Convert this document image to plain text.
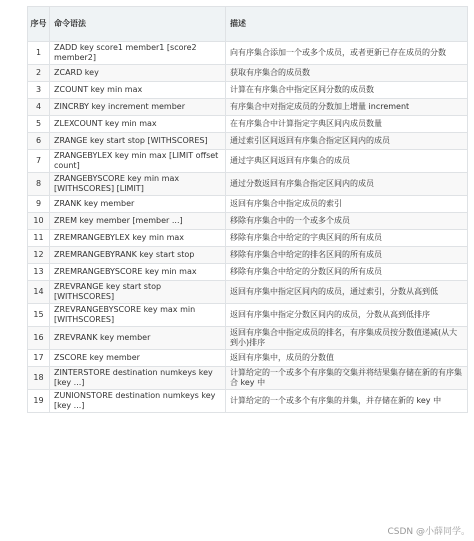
序号	命令语法	描述
1	ZADD key score1 member1 [score2 member2]	向有序集合添加一个或多个成员，或者更新已存在成员的分数
2	ZCARD key	获取有序集合的成员数
3	ZCOUNT key min max	计算在有序集合中指定区间分数的成员数
4	ZINCRBY key increment member	有序集合中对指定成员的分数加上增量 increment
5	ZLEXCOUNT key min max	在有序集合中计算指定字典区间内成员数量
6	ZRANGE key start stop [WITHSCORES]	通过索引区间返回有序集合指定区间内的成员
7	ZRANGEBYLEX key min max [LIMIT offset count]	通过字典区间返回有序集合的成员
8	ZRANGEBYSCORE key min max [WITHSCORES] [LIMIT]	通过分数返回有序集合指定区间内的成员
9	ZRANK key member	返回有序集合中指定成员的索引
10	ZREM key member [member ...]	移除有序集合中的一个或多个成员
11	ZREMRANGEBYLEX key min max	移除有序集合中给定的字典区间的所有成员
12	ZREMRANGEBYRANK key start stop	移除有序集合中给定的排名区间的所有成员
13	ZREMRANGEBYSCORE key min max	移除有序集合中给定的分数区间的所有成员
14	ZREVRANGE key start stop [WITHSCORES]	返回有序集中指定区间内的成员，通过索引，分数从高到低
15	ZREVRANGEBYSCORE key max min [WITHSCORES]	返回有序集中指定分数区间内的成员，分数从高到低排序
16	ZREVRANK key member	返回有序集合中指定成员的排名，有序集成员按分数值递减(从大到小)排序
17	ZSCORE key member	返回有序集中，成员的分数值
18	ZINTERSTORE destination numkeys key [key ...]	计算给定的一个或多个有序集的交集并将结果集存储在新的有序集合 key 中
19	ZUNIONSTORE destination numkeys key [key ...]	计算给定的一个或多个有序集的并集，并存储在新的 key 中
CSDN @小薛同学。
